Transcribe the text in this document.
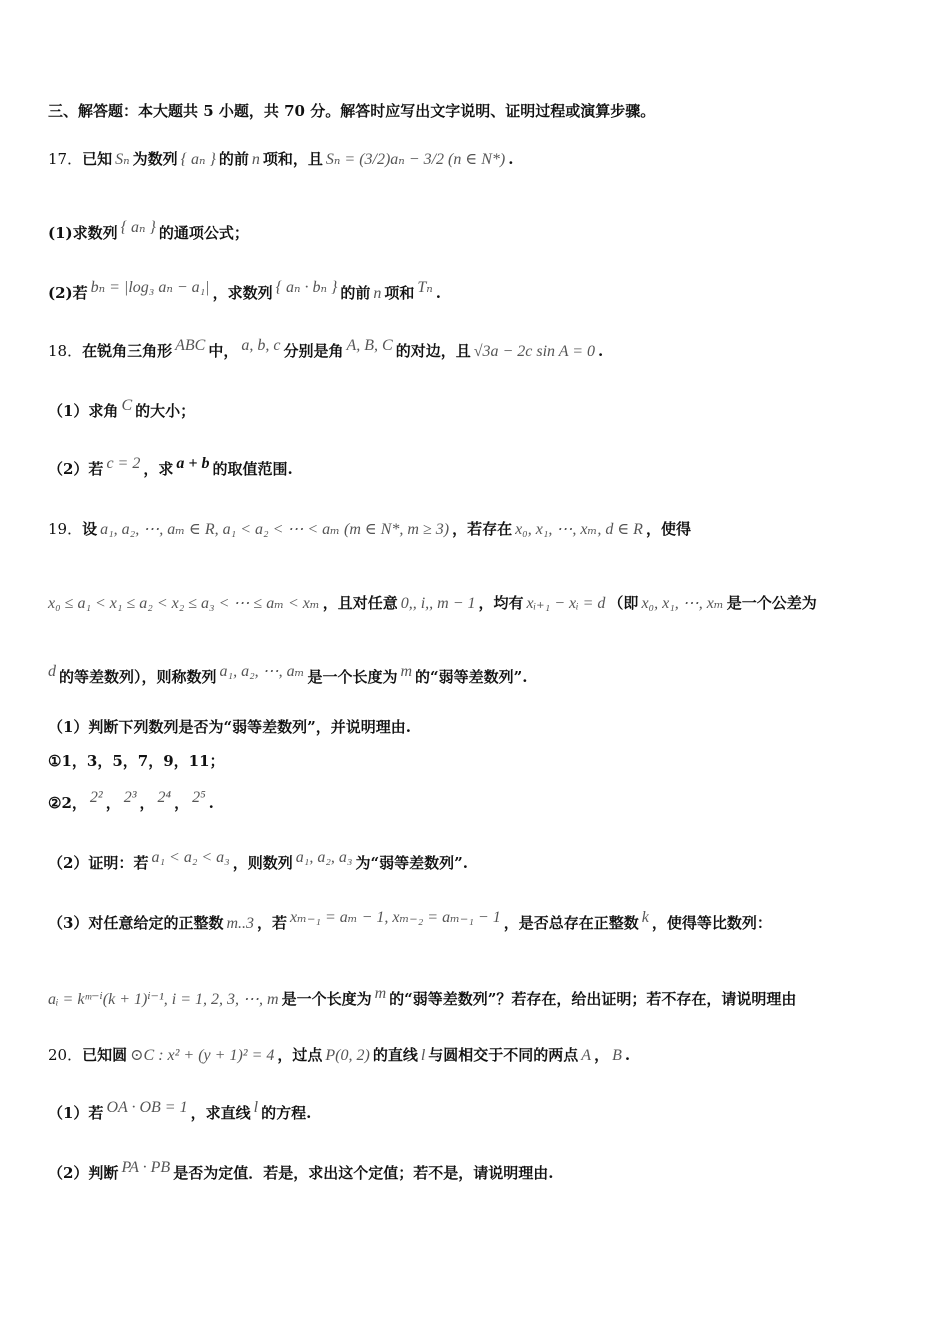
三、解答题：本大题共 5 小题，共 70 分。解答时应写出文字说明、证明过程或演算步骤。
17．已知 Sₙ 为数列 { aₙ } 的前 n 项和，且 Sₙ = (3/2)aₙ − 3/2 (n ∈ N*) .
(1)求数列 { aₙ } 的通项公式；
(2)若 bₙ = |log₃ aₙ − a₁| ，求数列 { aₙ · bₙ } 的前 n 项和 Tₙ .
18．在锐角三角形 ABC 中， a, b, c 分别是角 A, B, C 的对边，且 √3a − 2c sin A = 0 .
（1）求角 C 的大小；
（2）若 c = 2 ，求 a + b 的取值范围.
19．设 a₁, a₂, ⋯, aₘ ∈ R, a₁ < a₂ < ⋯ < aₘ (m ∈ N*, m ≥ 3) ，若存在 x₀, x₁, ⋯, xₘ, d ∈ R ，使得
x₀ ≤ a₁ < x₁ ≤ a₂ < x₂ ≤ a₃ < ⋯ ≤ aₘ < xₘ ，且对任意 0,, i,, m − 1 ，均有 xᵢ₊₁ − xᵢ = d （即 x₀, x₁, ⋯, xₘ 是一个公差为
d 的等差数列），则称数列 a₁, a₂, ⋯, aₘ 是一个长度为 m 的“弱等差数列”.
（1）判断下列数列是否为“弱等差数列”，并说明理由.
①1，3，5，7，9，11；
②2， 2² ， 2³ ， 2⁴ ， 2⁵ .
（2）证明：若 a₁ < a₂ < a₃ ，则数列 a₁, a₂, a₃ 为“弱等差数列”.
（3）对任意给定的正整数 m..3 ，若 xₘ₋₁ = aₘ − 1, xₘ₋₂ = aₘ₋₁ − 1 ，是否总存在正整数 k ，使得等比数列：
aᵢ = kᵐ⁻ⁱ(k + 1)ⁱ⁻¹, i = 1, 2, 3, ⋯, m 是一个长度为 m 的“弱等差数列”？若存在，给出证明；若不存在，请说明理由
20．已知圆 ⊙C : x² + (y + 1)² = 4 ，过点 P(0, 2) 的直线 l 与圆相交于不同的两点 A ， B .
（1）若 OA · OB = 1 ，求直线 l 的方程.
（2）判断 PA · PB 是否为定值．若是，求出这个定值；若不是，请说明理由.
